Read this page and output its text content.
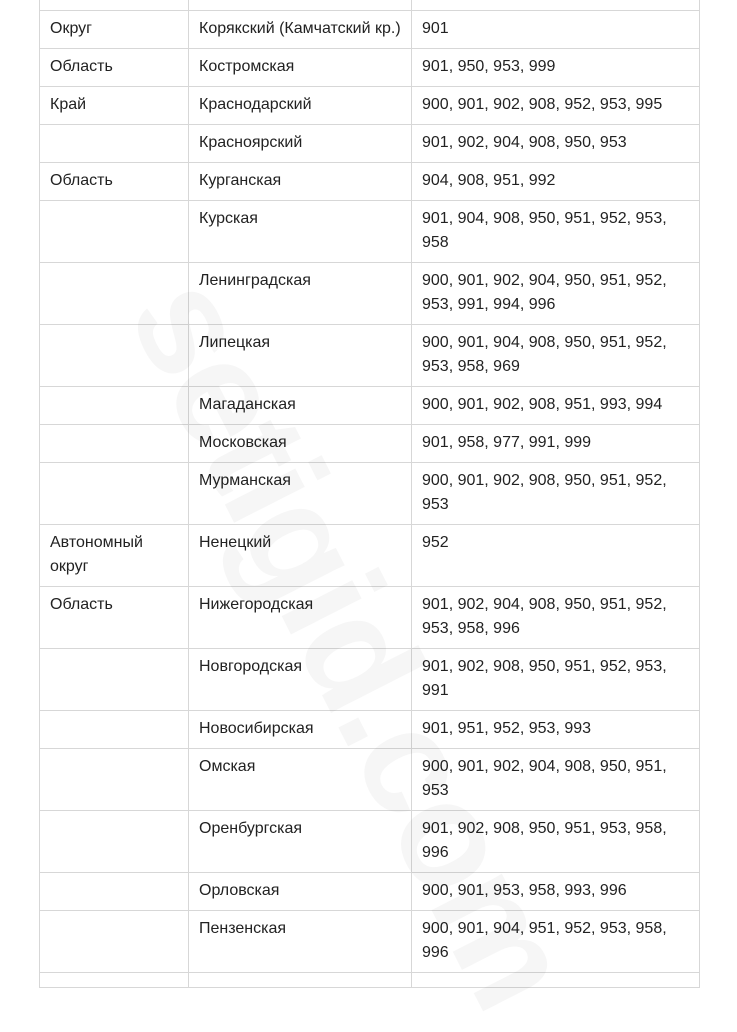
Округ	Корякский (Камчатский кр.)	901
Область	Костромская	901, 950, 953, 999
Край	Краснодарский	900, 901, 902, 908, 952, 953, 995
	Красноярский	901, 902, 904, 908, 950, 953
Область	Курганская	904, 908, 951, 992
	Курская	901, 904, 908, 950, 951, 952, 953, 958
	Ленинградская	900, 901, 902, 904, 950, 951, 952, 953, 991, 994, 996
	Липецкая	900, 901, 904, 908, 950, 951, 952, 953, 958, 969
	Магаданская	900, 901, 902, 908, 951, 993, 994
	Московская	901, 958, 977, 991, 999
	Мурманская	900, 901, 902, 908, 950, 951, 952, 953
Автономный округ	Ненецкий	952
Область	Нижегородская	901, 902, 904, 908, 950, 951, 952, 953, 958, 996
	Новгородская	901, 902, 908, 950, 951, 952, 953, 991
	Новосибирская	901, 951, 952, 953, 993
	Омская	900, 901, 902, 904, 908, 950, 951, 953
	Оренбургская	901, 902, 908, 950, 951, 953, 958, 996
	Орловская	900, 901, 953, 958, 993, 996
	Пензенская	900, 901, 904, 951, 952, 953, 958, 996
